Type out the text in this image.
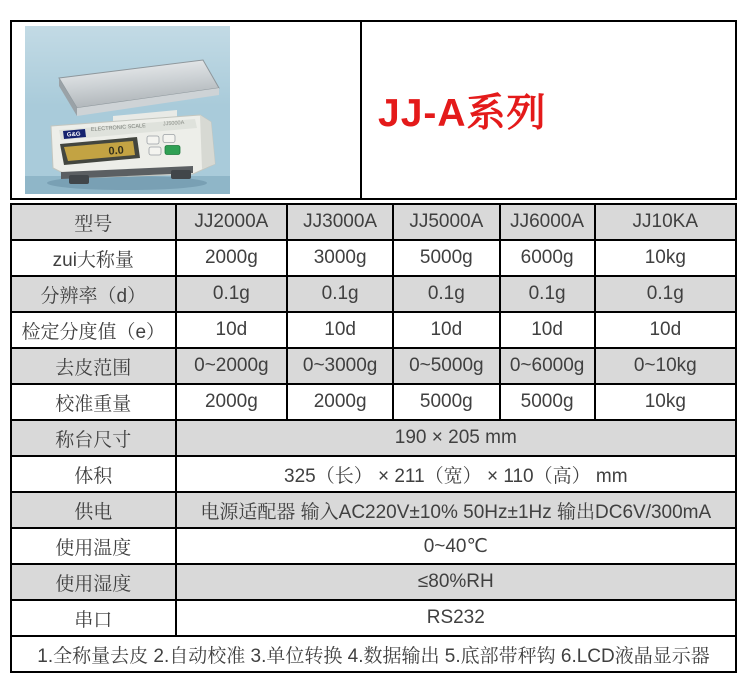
G&G
ELECTRONIC SCALE	JJ5000A
0.0
JJ-A系列
型号	JJ2000A	JJ3000A	JJ5000A	JJ6000A	JJ10KA
zui大称量	2000g	3000g	5000g	6000g	10kg
分辨率（d）	0.1g	0.1g	0.1g	0.1g	0.1g
检定分度值（e）	10d	10d	10d	10d	10d
去皮范围	0~2000g	0~3000g	0~5000g	0~6000g	0~10kg
校准重量	2000g	2000g	5000g	5000g	10kg
称台尺寸	190 × 205 mm				
体积	325（长） × 211（宽） × 110（高） mm				
供电	电源适配器 输入AC220V±10% 50Hz±1Hz 输出DC6V/300mA				
使用温度	0~40℃				
使用湿度	≤80%RH				
串口	RS232				
1.全称量去皮 2.自动校准 3.单位转换 4.数据输出 5.底部带秤钩 6.LCD液晶显示器					
